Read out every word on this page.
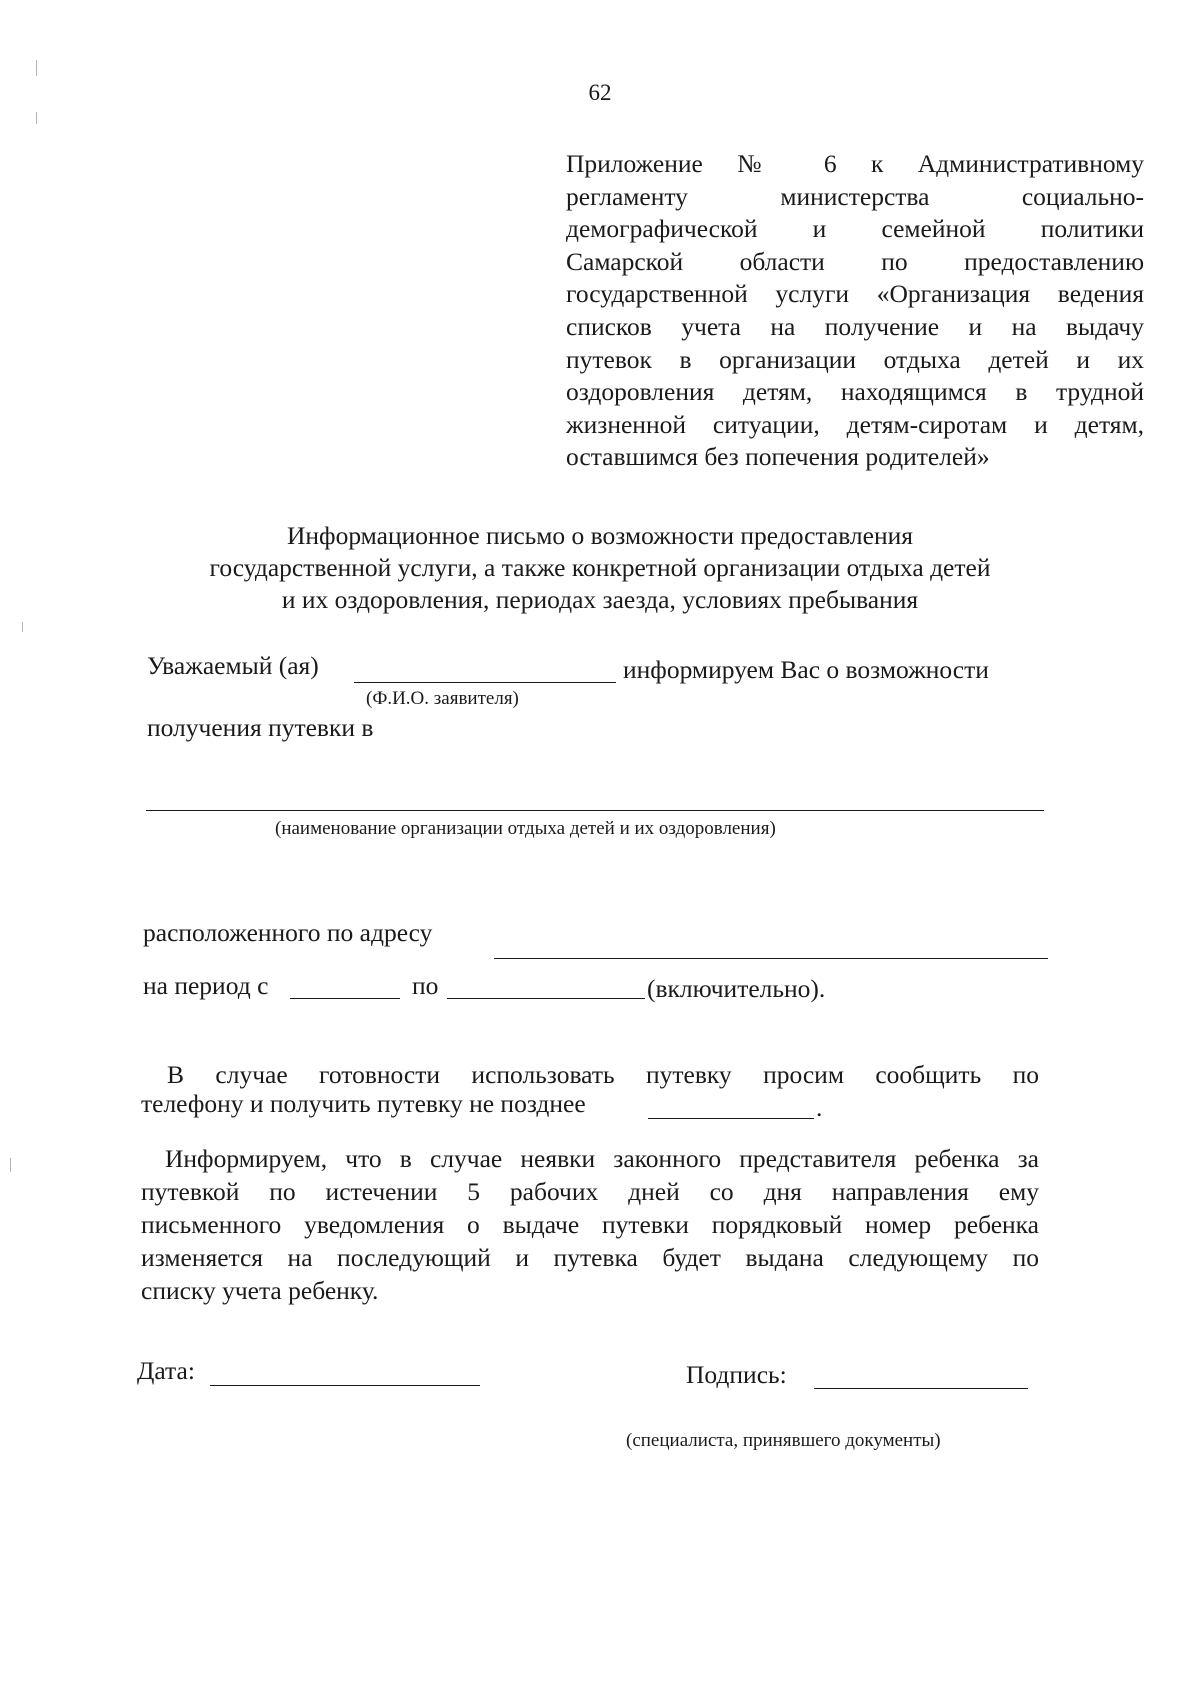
62
Приложение № 6 к Административному
регламенту министерства социально-
демографической и семейной политики
Самарской области по предоставлению
государственной услуги «Организация ведения
списков учета на получение и на выдачу
путевок в организации отдыха детей и их
оздоровления детям, находящимся в трудной
жизненной ситуации, детям-сиротам и детям,
оставшимся без попечения родителей»
Информационное письмо о возможности предоставления
государственной услуги, а также конкретной организации отдыха детей
и их оздоровления, периодах заезда, условиях пребывания
Уважаемый (ая)	информируем Вас о возможности
(Ф.И.О. заявителя)
получения путевки в
(наименование организации отдыха детей и их оздоровления)
расположенного по адресу
на период с	по	(включительно).
В случае готовности использовать путевку просим сообщить по
телефону и получить путевку не позднее	.
Информируем, что в случае неявки законного представителя ребенка за
путевкой по истечении 5 рабочих дней со дня направления ему
письменного уведомления о выдаче путевки порядковый номер ребенка
изменяется на последующий и путевка будет выдана следующему по
списку учета ребенку.
Дата:	Подпись:
(специалиста, принявшего документы)
